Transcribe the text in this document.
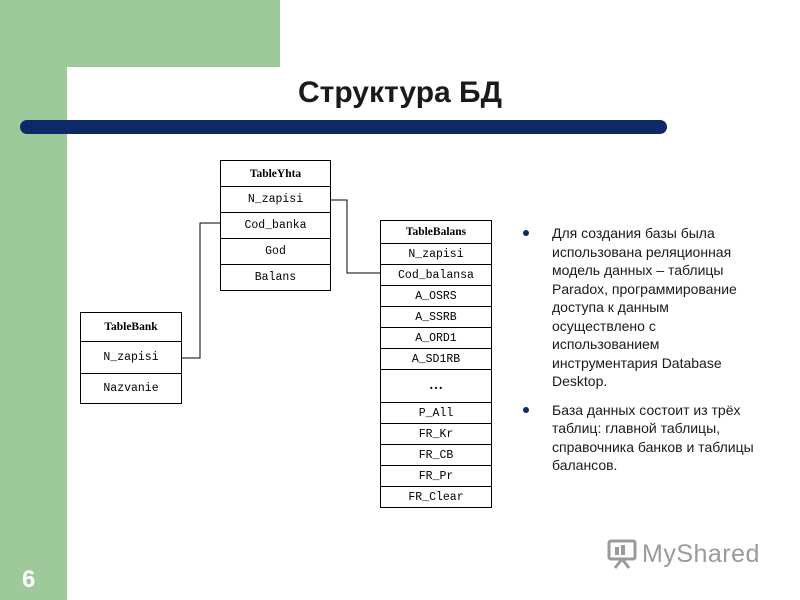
Структура БД
TableYhta
N_zapisi
Cod_banka
God
Balans
TableBank
N_zapisi
Nazvanie
TableBalans
N_zapisi
Cod_balansa
A_OSRS
A_SSRB
A_ORD1
A_SD1RB
…
P_All
FR_Kr
FR_CB
FR_Pr
FR_Clear
Для создания базы была использована реляционная модель данных – таблицы Paradox, программирование доступа к данным осуществлено с использованием инструментария Database Desktop.
База данных состоит из трёх таблиц: главной таблицы, справочника банков и таблицы балансов.
6
MyShared
